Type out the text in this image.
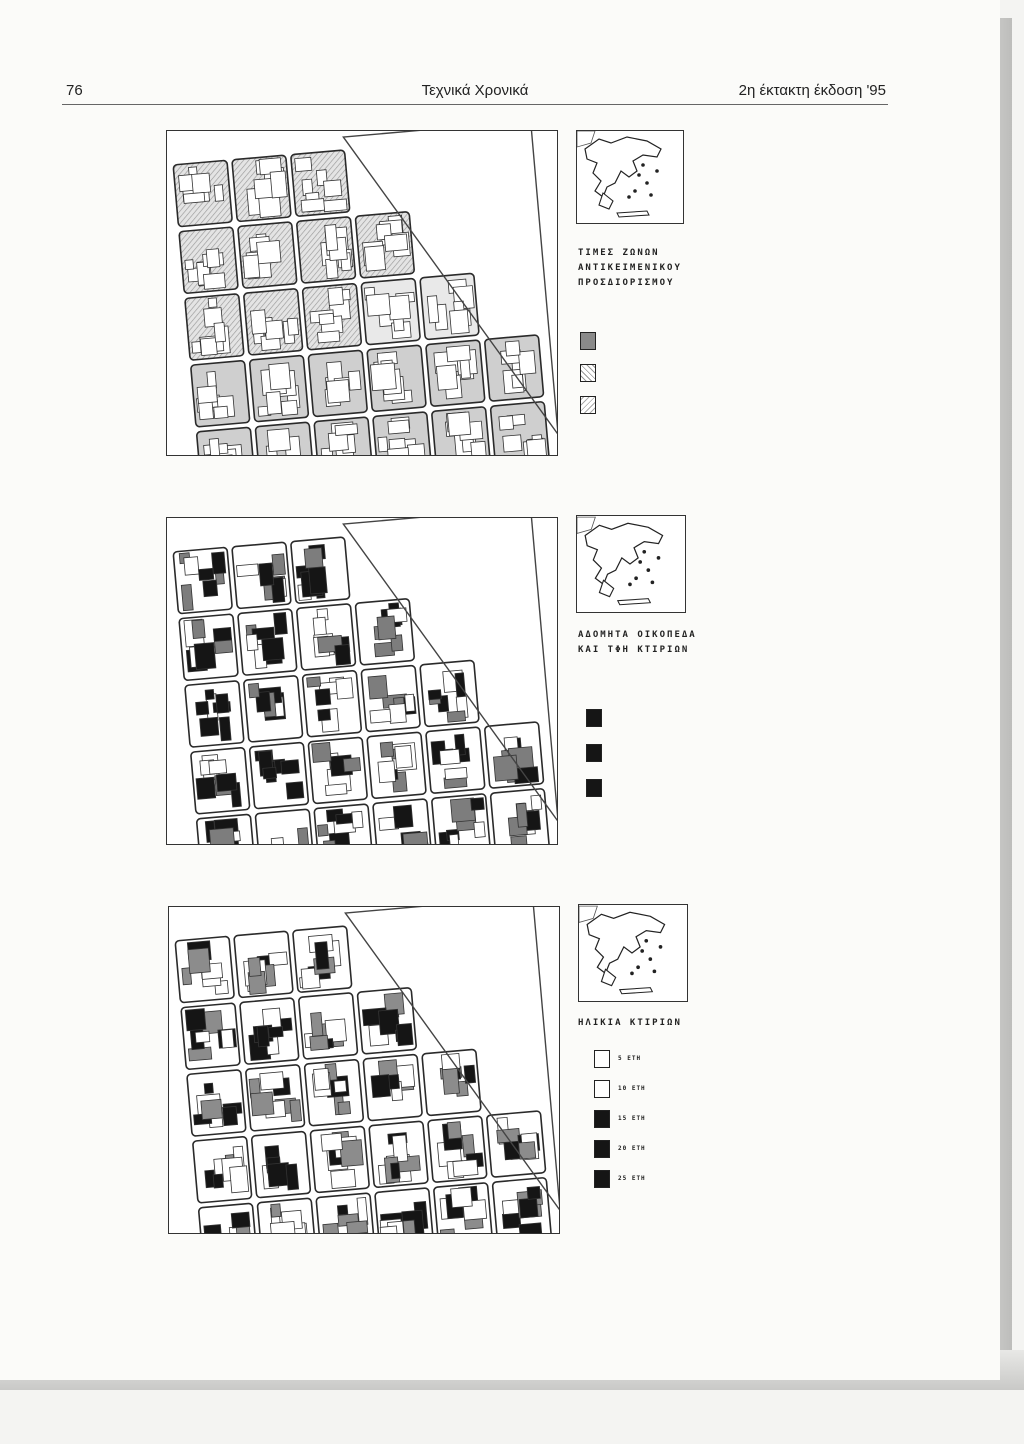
76	Τεχνικά Χρονικά	2η έκτακτη έκδοση '95
ΤΙΜΕΣ ΖΩΝΩΝ
ΑΝΤΙΚΕΙΜΕΝΙΚΟΥ
ΠΡΟΣΔΙΟΡΙΣΜΟΥ
ΑΔΟΜΗΤΑ ΟΙΚΟΠΕΔΑ
ΚΑΙ ΤΦΗ ΚΤΙΡΙΩΝ
ΗΛΙΚΙΑ ΚΤΙΡΙΩΝ
5 ΕΤΗ
10 ΕΤΗ
15 ΕΤΗ
20 ΕΤΗ
25 ΕΤΗ
